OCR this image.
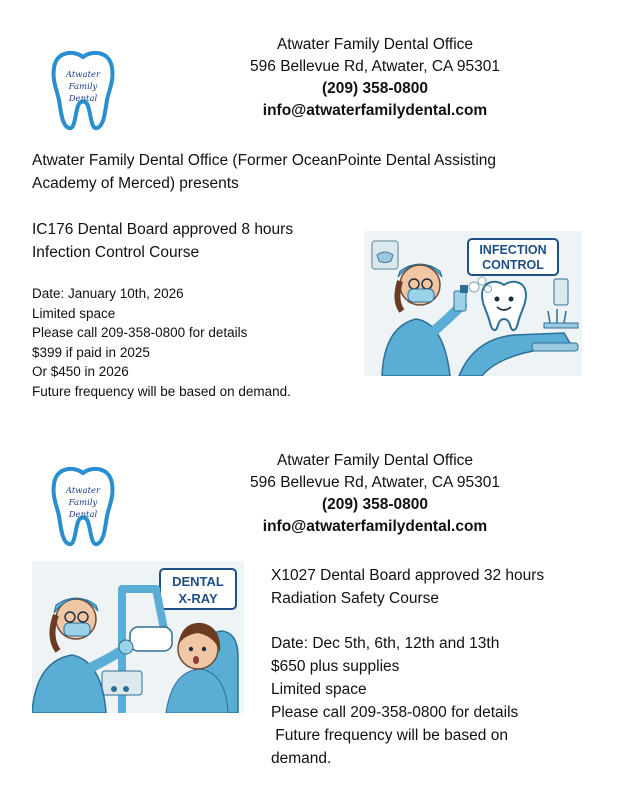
Atwater
Family
Dental
Atwater Family Dental Office
596 Bellevue Rd, Atwater, CA 95301
(209) 358-0800
info@atwaterfamilydental.com
Atwater Family Dental Office (Former OceanPointe Dental Assisting
Academy of Merced) presents
IC176 Dental Board approved 8 hours
Infection Control Course
Date: January 10th, 2026
Limited space
Please call 209-358-0800 for details
$399 if paid in 2025
Or $450 in 2026
Future frequency will be based on demand.
INFECTION
CONTROL
Atwater
Family
Dental
Atwater Family Dental Office
596 Bellevue Rd, Atwater, CA 95301
(209) 358-0800
info@atwaterfamilydental.com
DENTAL
X-RAY
X1027 Dental Board approved 32 hours
Radiation Safety Course
Date: Dec 5th, 6th, 12th and 13th
$650 plus supplies
Limited space
Please call 209-358-0800 for details
Future frequency will be based on
demand.
